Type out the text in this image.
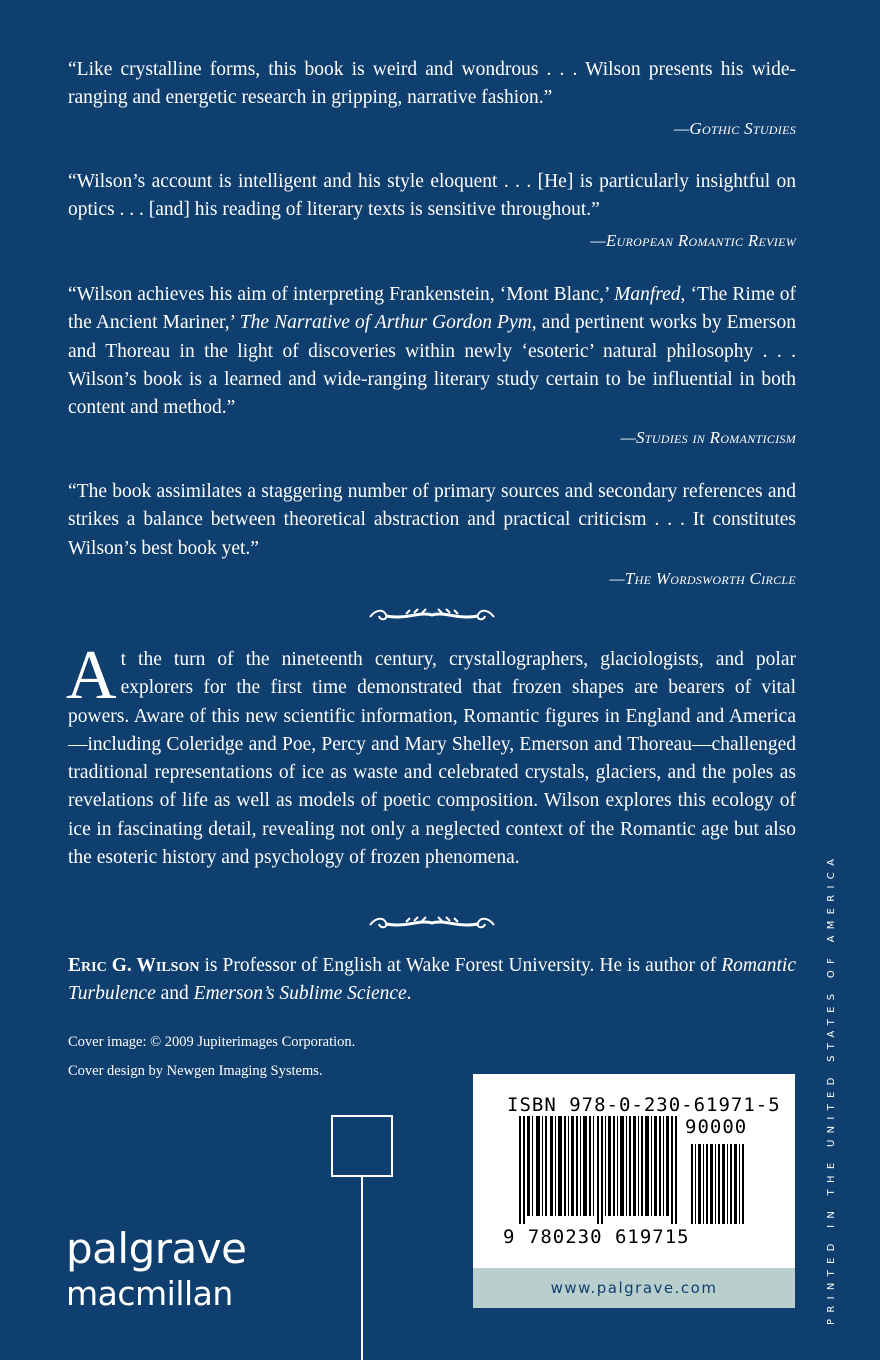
“Like crystalline forms, this book is weird and wondrous . . . Wilson presents his wide-ranging and energetic research in gripping, narrative fashion.”

—Gothic Studies

“Wilson’s account is intelligent and his style eloquent . . . [He] is particularly insightful on optics . . . [and] his reading of literary texts is sensitive throughout.”

—European Romantic Review

“Wilson achieves his aim of interpreting Frankenstein, ‘Mont Blanc,’ Manfred, ‘The Rime of the Ancient Mariner,’ The Narrative of Arthur Gordon Pym, and pertinent works by Emerson and Thoreau in the light of discoveries within newly ‘esoteric’ natural philosophy . . . Wilson’s book is a learned and wide-ranging literary study certain to be influential in both content and method.”

—Studies in Romanticism

“The book assimilates a staggering number of primary sources and secondary references and strikes a balance between theoretical abstraction and practical criticism . . . It constitutes Wilson’s best book yet.”

—The Wordsworth Circle

At the turn of the nineteenth century, crystallographers, glaciologists, and polar explorers for the first time demonstrated that frozen shapes are bearers of vital powers. Aware of this new scientific information, Romantic figures in England and America—including Coleridge and Poe, Percy and Mary Shelley, Emerson and Thoreau—challenged traditional representations of ice as waste and celebrated crystals, glaciers, and the poles as revelations of life as well as models of poetic composition. Wilson explores this ecology of ice in fascinating detail, revealing not only a neglected context of the Romantic age but also the esoteric history and psychology of frozen phenomena.

Eric G. Wilson is Professor of English at Wake Forest University. He is author of Romantic Turbulence and Emerson’s Sublime Science.

Cover image: © 2009 Jupiterimages Corporation.
Cover design by Newgen Imaging Systems.
palgrave
macmillan
ISBN 978-0-230-61971-5
90000
9 780230 619715
www.palgrave.com	PRINTED IN THE UNITED STATES OF AMERICA
